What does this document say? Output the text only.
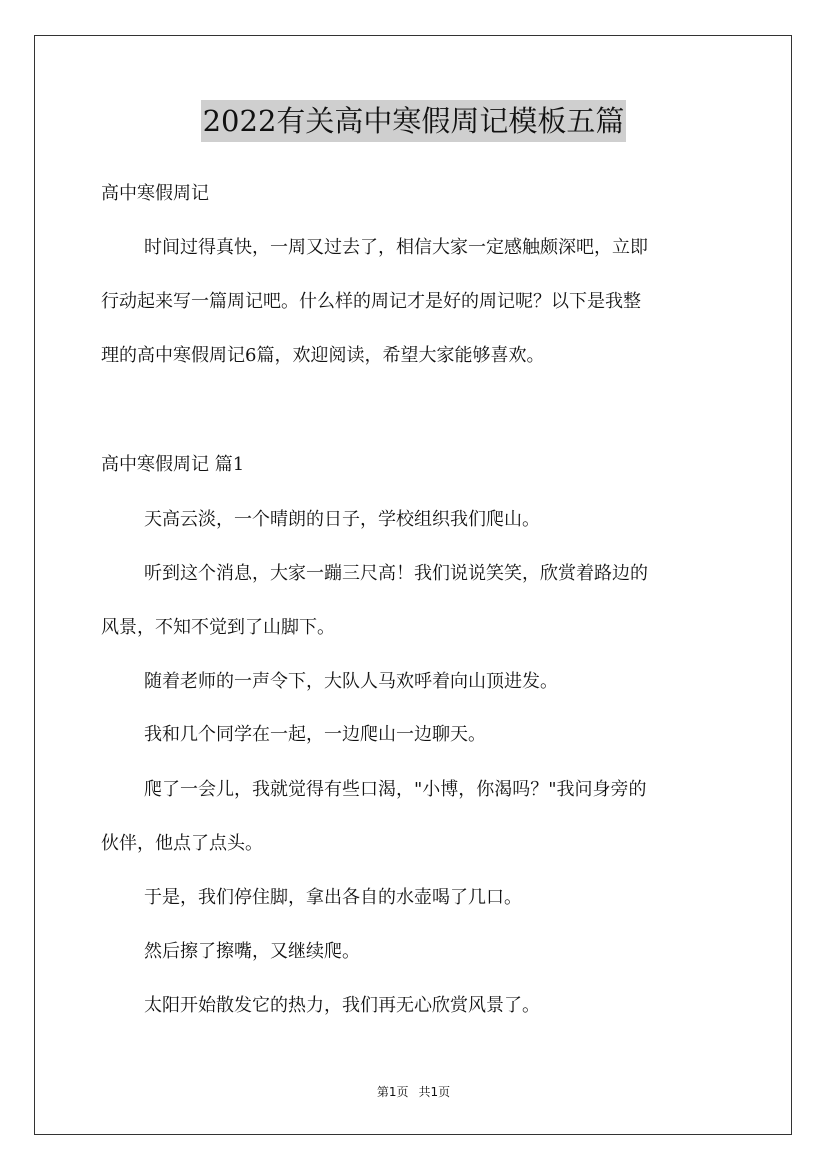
2022有关高中寒假周记模板五篇
高中寒假周记
时间过得真快，一周又过去了，相信大家一定感触颇深吧，立即
行动起来写一篇周记吧。什么样的周记才是好的周记呢？以下是我整
理的高中寒假周记6篇，欢迎阅读，希望大家能够喜欢。
高中寒假周记 篇1
天高云淡，一个晴朗的日子，学校组织我们爬山。
听到这个消息，大家一蹦三尺高！我们说说笑笑，欣赏着路边的
风景，不知不觉到了山脚下。
随着老师的一声令下，大队人马欢呼着向山顶进发。
我和几个同学在一起，一边爬山一边聊天。
爬了一会儿，我就觉得有些口渴，"小博，你渴吗？"我问身旁的
伙伴，他点了点头。
于是，我们停住脚，拿出各自的水壶喝了几口。
然后擦了擦嘴，又继续爬。
太阳开始散发它的热力，我们再无心欣赏风景了。
第1页 共1页
